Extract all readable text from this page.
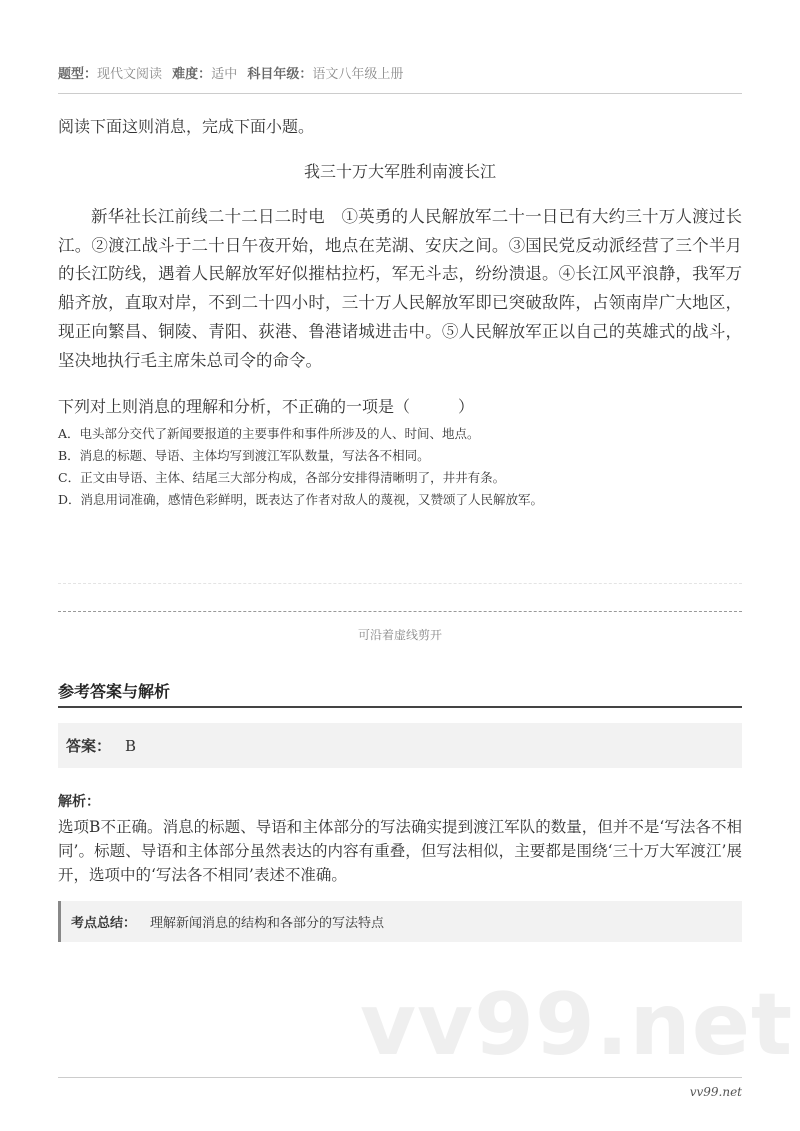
题型：现代文阅读 难度：适中 科目年级：语文八年级上册
阅读下面这则消息，完成下面小题。
我三十万大军胜利南渡长江
新华社长江前线二十二日二时电　①英勇的人民解放军二十一日已有大约三十万人渡过长江。②渡江战斗于二十日午夜开始，地点在芜湖、安庆之间。③国民党反动派经营了三个半月的长江防线，遇着人民解放军好似摧枯拉朽，军无斗志，纷纷溃退。④长江风平浪静，我军万船齐放，直取对岸，不到二十四小时，三十万人民解放军即已突破敌阵，占领南岸广大地区，现正向繁昌、铜陵、青阳、荻港、鲁港诸城进击中。⑤人民解放军正以自己的英雄式的战斗，坚决地执行毛主席朱总司令的命令。
下列对上则消息的理解和分析，不正确的一项是（　　　）
A．电头部分交代了新闻要报道的主要事件和事件所涉及的人、时间、地点。
B．消息的标题、导语、主体均写到渡江军队数量，写法各不相同。
C．正文由导语、主体、结尾三大部分构成，各部分安排得清晰明了，井井有条。
D．消息用词准确，感情色彩鲜明，既表达了作者对敌人的蔑视，又赞颂了人民解放军。
可沿着虚线剪开
参考答案与解析
答案： B
解析：
选项B不正确。消息的标题、导语和主体部分的写法确实提到渡江军队的数量，但并不是‘写法各不相同’。标题、导语和主体部分虽然表达的内容有重叠，但写法相似，主要都是围绕‘三十万大军渡江’展开，选项中的‘写法各不相同’表述不准确。
考点总结： 理解新闻消息的结构和各部分的写法特点
vv99.net
vv99.net
